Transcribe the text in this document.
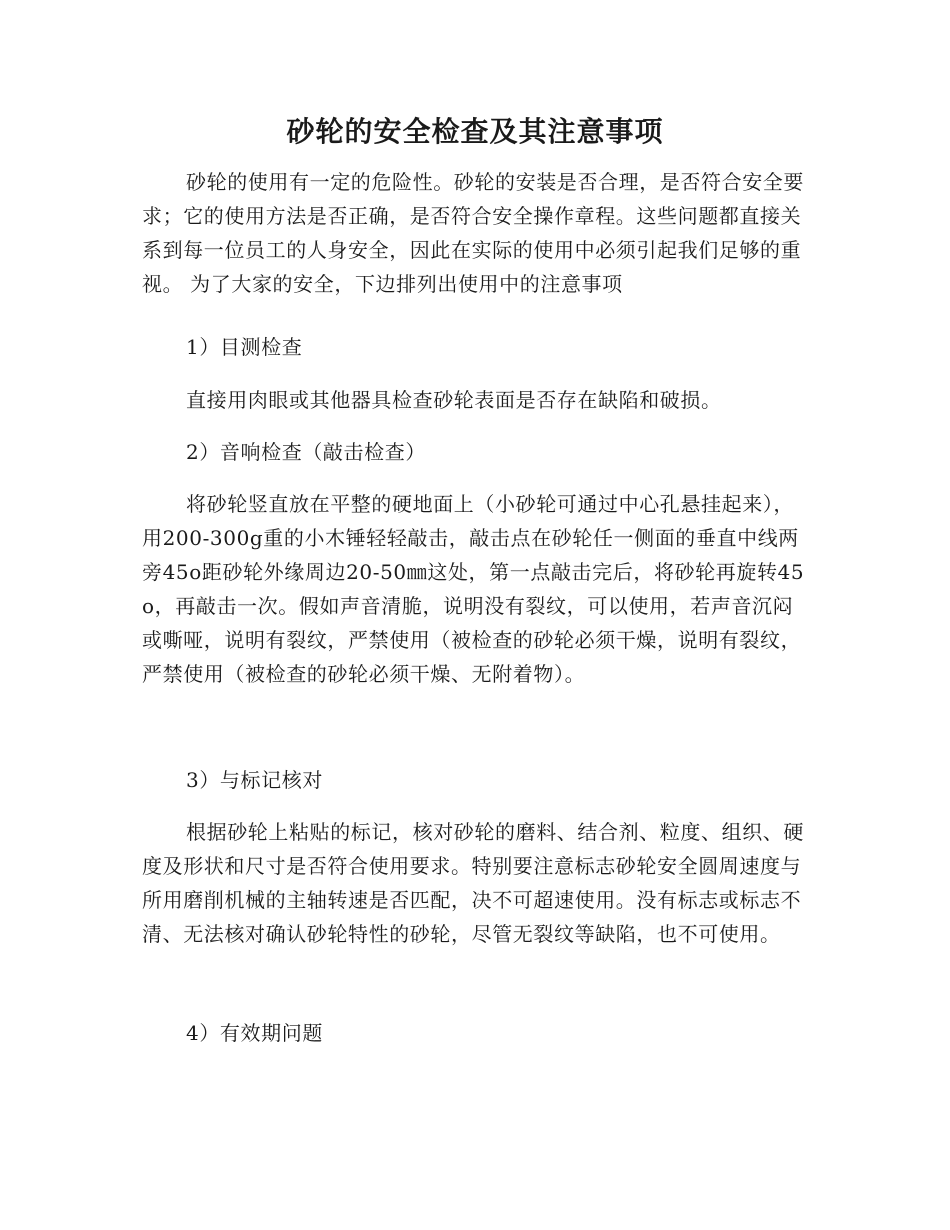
砂轮的安全检查及其注意事项
砂轮的使用有一定的危险性。砂轮的安装是否合理，是否符合安全要求；它的使用方法是否正确，是否符合安全操作章程。这些问题都直接关系到每一位员工的人身安全，因此在实际的使用中必须引起我们足够的重视。 为了大家的安全，下边排列出使用中的注意事项
1）目测检查
直接用肉眼或其他器具检查砂轮表面是否存在缺陷和破损。
2）音响检查（敲击检查）
将砂轮竖直放在平整的硬地面上（小砂轮可通过中心孔悬挂起来），用200-300g重的小木锤轻轻敲击，敲击点在砂轮任一侧面的垂直中线两旁45o距砂轮外缘周边20-50㎜这处，第一点敲击完后，将砂轮再旋转45o，再敲击一次。假如声音清脆，说明没有裂纹，可以使用，若声音沉闷或嘶哑，说明有裂纹，严禁使用（被检查的砂轮必须干燥，说明有裂纹，严禁使用（被检查的砂轮必须干燥、无附着物）。
3）与标记核对
根据砂轮上粘贴的标记，核对砂轮的磨料、结合剂、粒度、组织、硬度及形状和尺寸是否符合使用要求。特别要注意标志砂轮安全圆周速度与所用磨削机械的主轴转速是否匹配，决不可超速使用。没有标志或标志不清、无法核对确认砂轮特性的砂轮，尽管无裂纹等缺陷，也不可使用。
4）有效期问题
